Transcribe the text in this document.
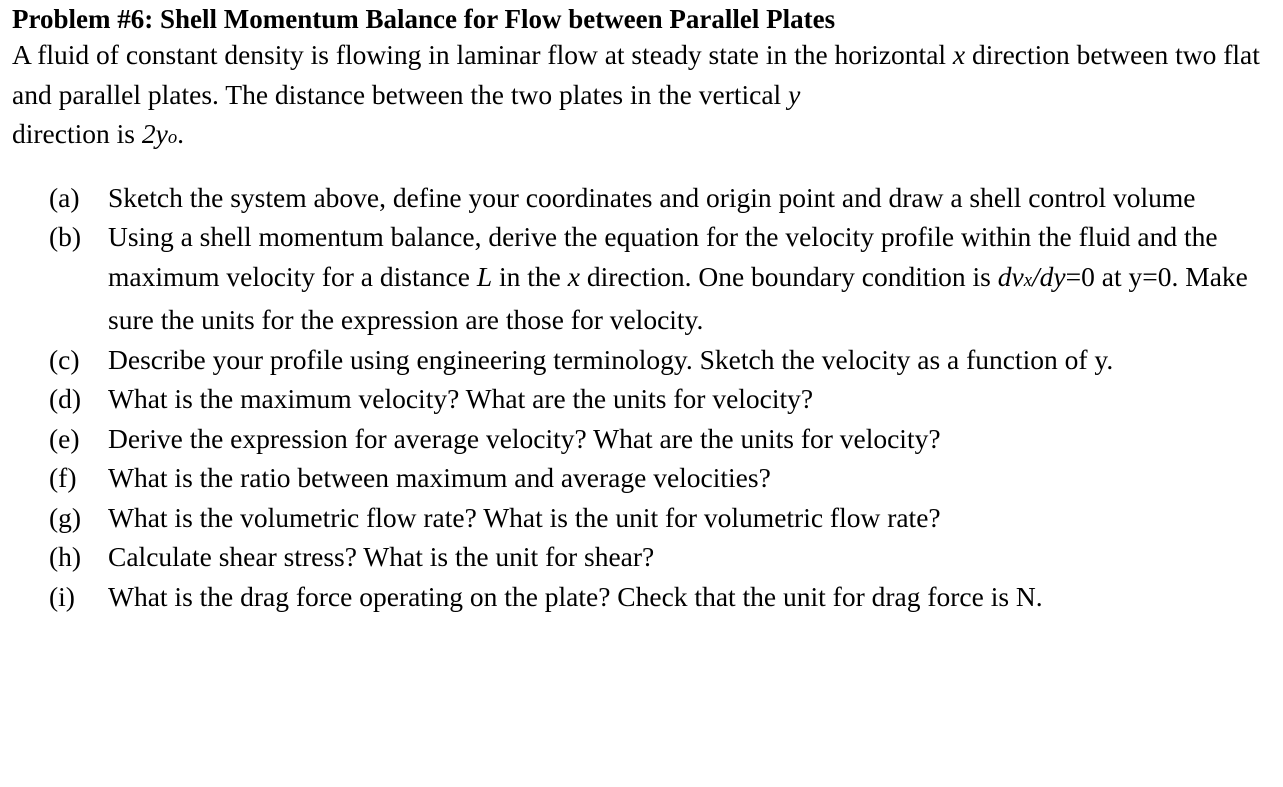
Problem #6: Shell Momentum Balance for Flow between Parallel Plates

A fluid of constant density is flowing in laminar flow at steady state in the horizontal x direction between two flat and parallel plates. The distance between the two plates in the vertical y
direction is 2yo.

(a)	Sketch the system above, define your coordinates and origin point and draw a shell control volume
(b) Using a shell momentum balance, derive the equation for the velocity profile within the fluid and the maximum velocity for a distance L in the x direction. One boundary condition is dvx/dy=0 at y=0. Make sure the units for the expression are those for velocity.
(c)	Describe your profile using engineering terminology. Sketch the velocity as a function of y.
(d) What is the maximum velocity? What are the units for velocity?
(e)	Derive the expression for average velocity? What are the units for velocity?
(f)	What is the ratio between maximum and average velocities?
(g) What is the volumetric flow rate? What is the unit for volumetric flow rate?
(h) Calculate shear stress? What is the unit for shear?
(i)	What is the drag force operating on the plate? Check that the unit for drag force is N.
